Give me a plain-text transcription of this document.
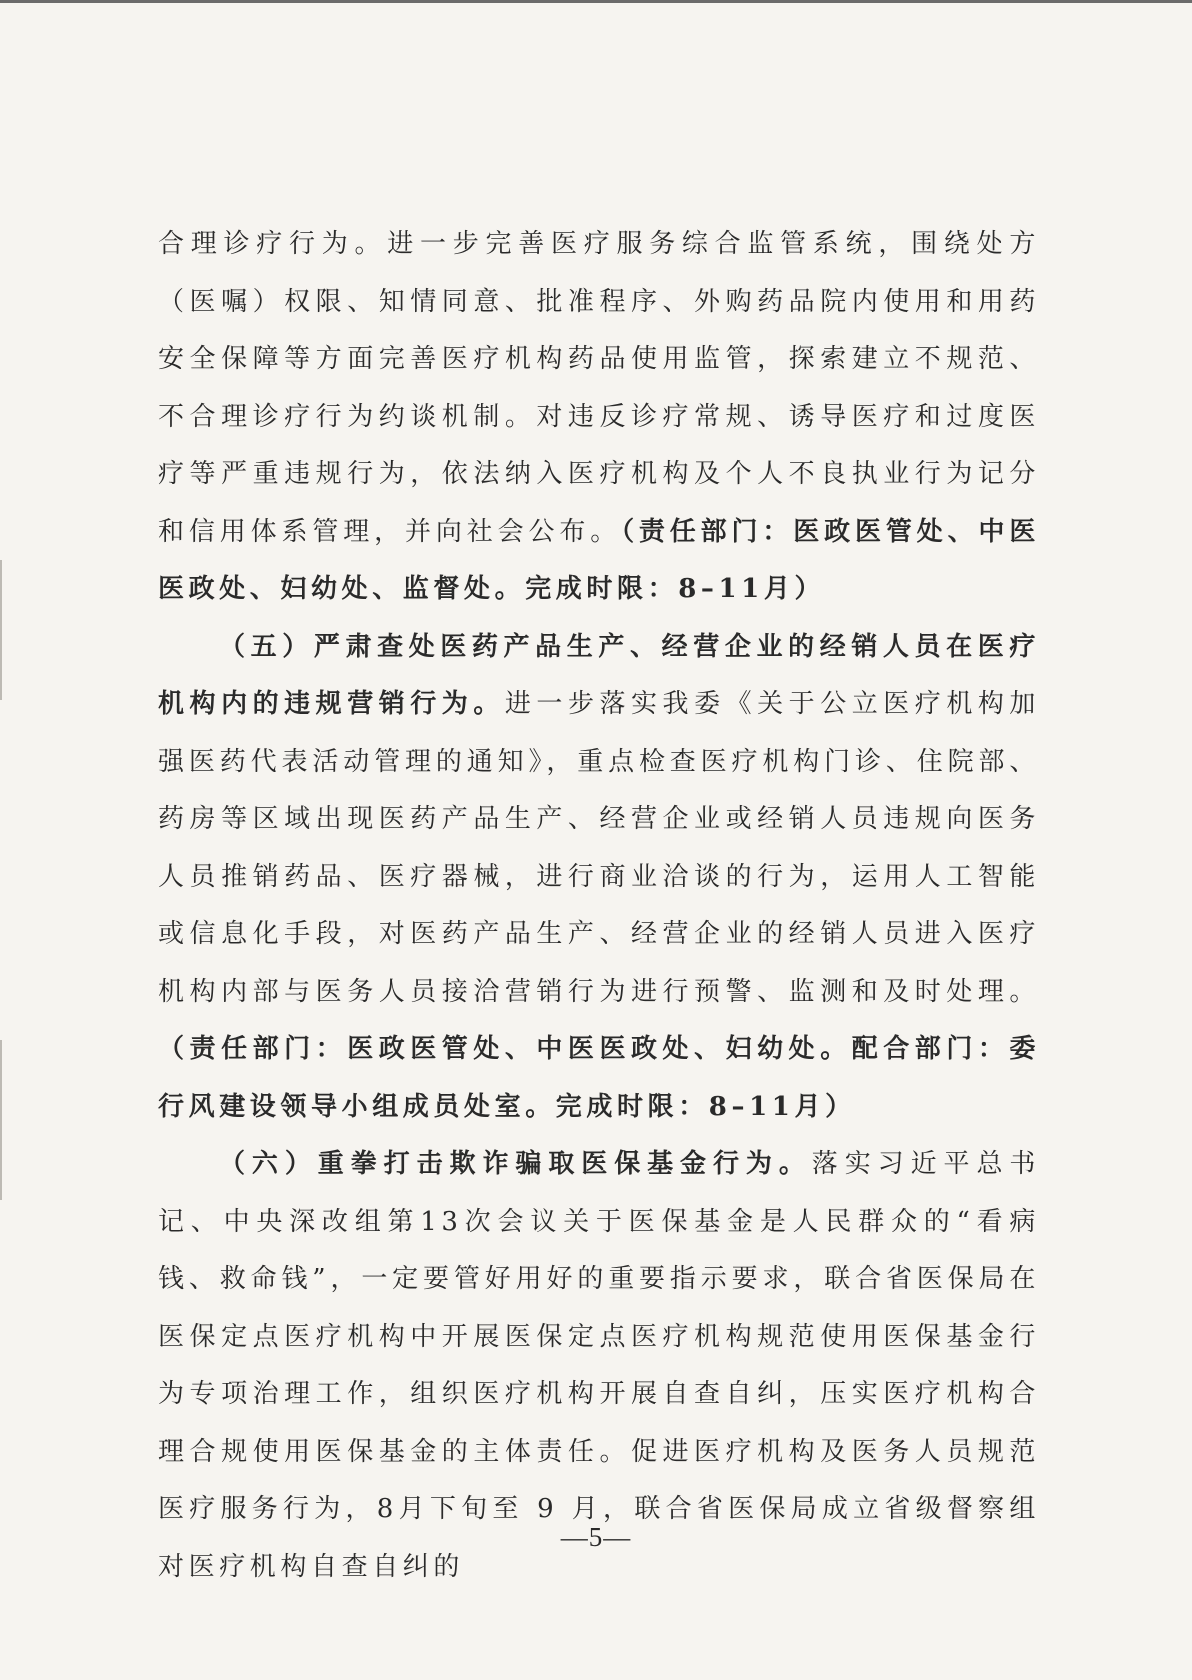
合理诊疗行为。进一步完善医疗服务综合监管系统，围绕处方（医嘱）权限、知情同意、批准程序、外购药品院内使用和用药安全保障等方面完善医疗机构药品使用监管，探索建立不规范、不合理诊疗行为约谈机制。对违反诊疗常规、诱导医疗和过度医疗等严重违规行为，依法纳入医疗机构及个人不良执业行为记分和信用体系管理，并向社会公布。（责任部门：医政医管处、中医医政处、妇幼处、监督处。完成时限：8–11月）

（五）严肃查处医药产品生产、经营企业的经销人员在医疗机构内的违规营销行为。进一步落实我委《关于公立医疗机构加强医药代表活动管理的通知》，重点检查医疗机构门诊、住院部、药房等区域出现医药产品生产、经营企业或经销人员违规向医务人员推销药品、医疗器械，进行商业洽谈的行为，运用人工智能或信息化手段，对医药产品生产、经营企业的经销人员进入医疗机构内部与医务人员接洽营销行为进行预警、监测和及时处理。（责任部门：医政医管处、中医医政处、妇幼处。配合部门：委行风建设领导小组成员处室。完成时限：8–11月）

（六）重拳打击欺诈骗取医保基金行为。落实习近平总书记、中央深改组第13次会议关于医保基金是人民群众的“看病钱、救命钱”，一定要管好用好的重要指示要求，联合省医保局在医保定点医疗机构中开展医保定点医疗机构规范使用医保基金行为专项治理工作，组织医疗机构开展自查自纠，压实医疗机构合理合规使用医保基金的主体责任。促进医疗机构及医务人员规范医疗服务行为，8月下旬至 9 月，联合省医保局成立省级督察组对医疗机构自查自纠的

—5—
